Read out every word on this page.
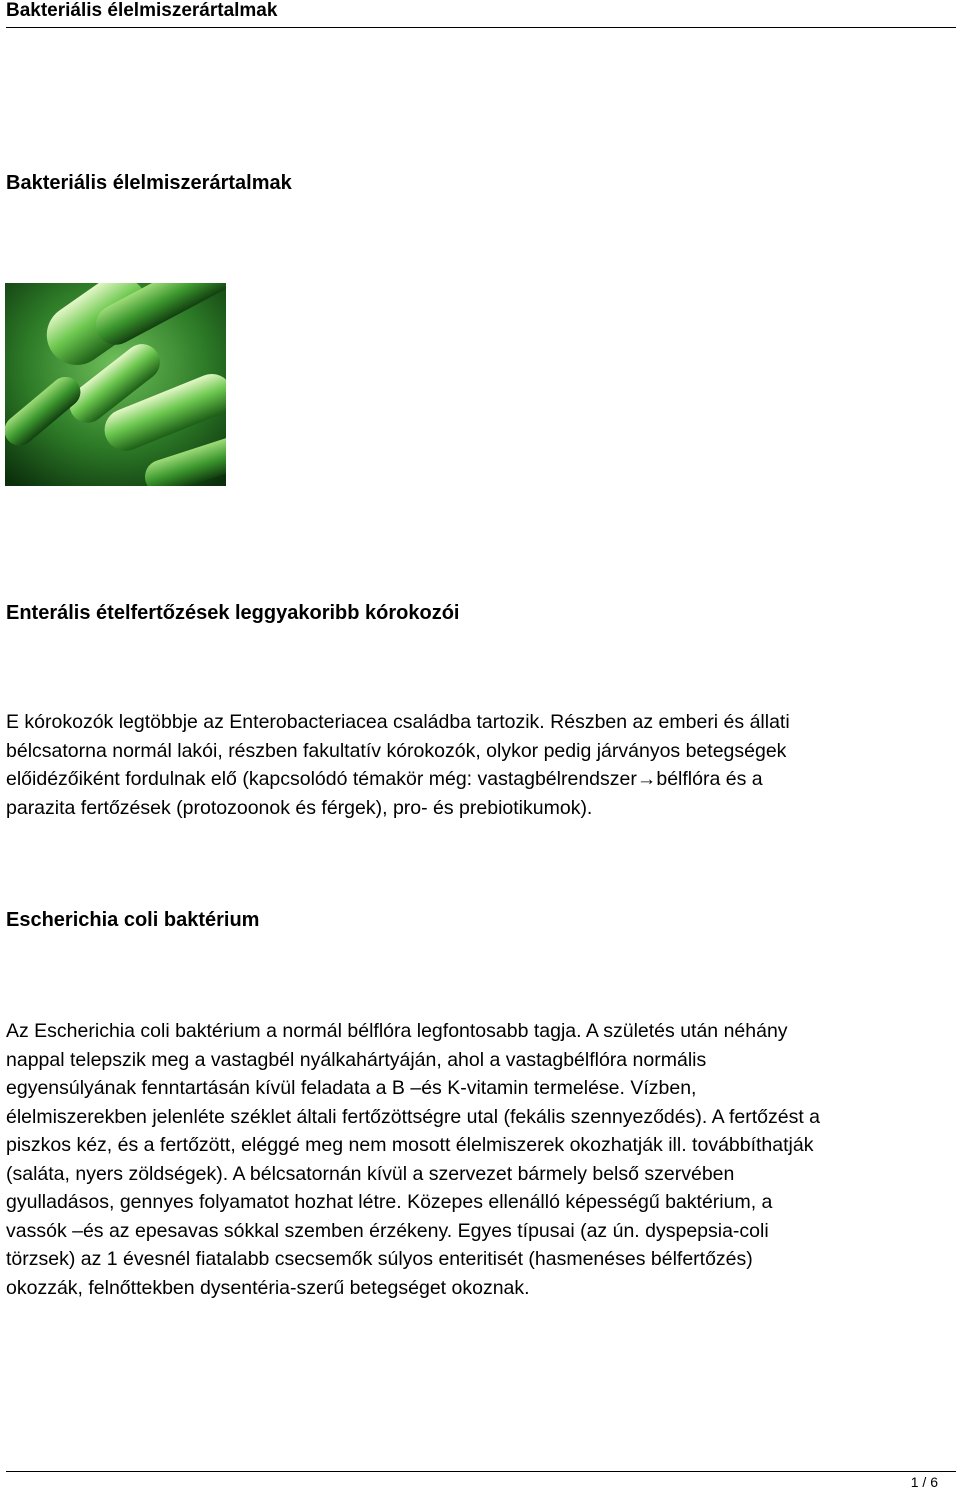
Bakteriális élelmiszerártalmak
Bakteriális élelmiszerártalmak
Enterális ételfertőzések leggyakoribb kórokozói

E kórokozók legtöbbje az Enterobacteriacea családba tartozik. Részben az emberi és állati
bélcsatorna normál lakói, részben fakultatív kórokozók, olykor pedig járványos betegségek
előidézőiként fordulnak elő (kapcsolódó témakör még: vastagbélrendszer→bélflóra és a
parazita fertőzések (protozoonok és férgek), pro- és prebiotikumok).

Escherichia coli baktérium

Az Escherichia coli baktérium a normál bélflóra legfontosabb tagja. A születés után néhány
nappal telepszik meg a vastagbél nyálkahártyáján, ahol a vastagbélflóra normális
egyensúlyának fenntartásán kívül feladata a B –és K-vitamin termelése. Vízben,
élelmiszerekben jelenléte széklet általi fertőzöttségre utal (fekális szennyeződés). A fertőzést a
piszkos kéz, és a fertőzött, eléggé meg nem mosott élelmiszerek okozhatják ill. továbbíthatják
(saláta, nyers zöldségek). A bélcsatornán kívül a szervezet bármely belső szervében
gyulladásos, gennyes folyamatot hozhat létre. Közepes ellenálló képességű baktérium, a
vassók –és az epesavas sókkal szemben érzékeny. Egyes típusai (az ún. dyspepsia-coli
törzsek) az 1 évesnél fiatalabb csecsemők súlyos enteritisét (hasmenéses bélfertőzés)
okozzák, felnőttekben dysentéria-szerű betegséget okoznak.

1 / 6
